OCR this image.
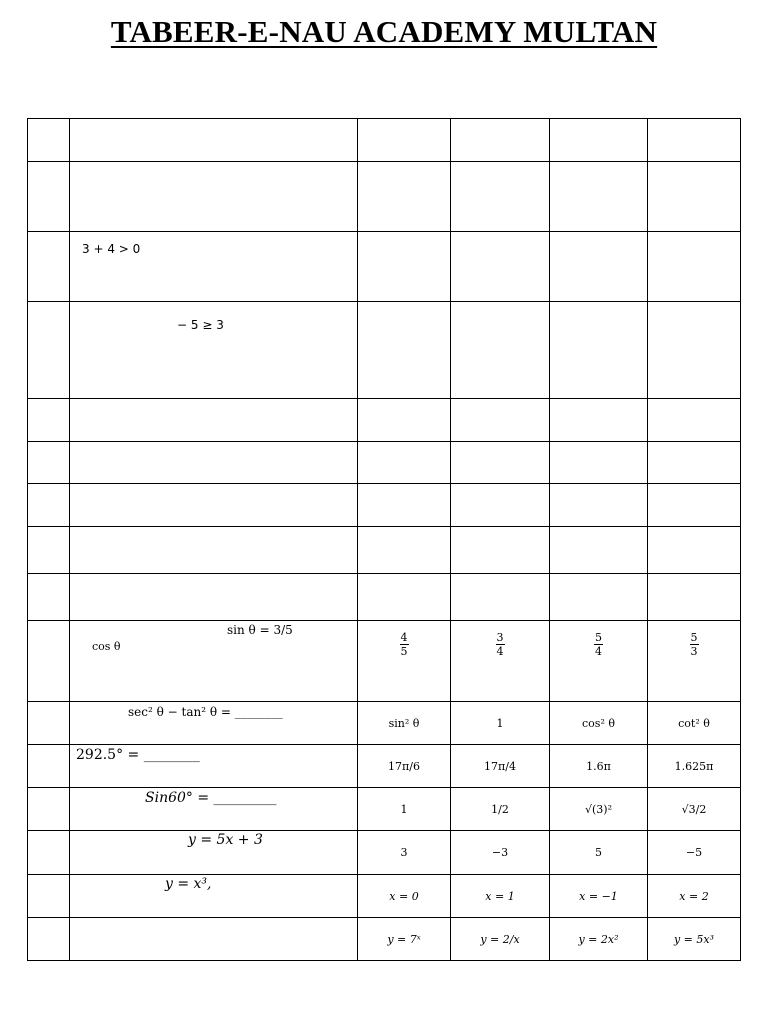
TABEER-E-NAU ACADEMY MULTAN

	3 + 4 > 0				

	− 5 ≥ 3				

	sin θ = 3/5
cos θ	$\frac{4}{5}$	$\frac{3}{4}$	$\frac{5}{4}$	$\frac{5}{3}$

	sec² θ − tan² θ = ________	sin² θ	1	cos² θ	cot² θ

	292.5° = ________	17π/6	17π/4	1.6π	1.625π

	Sin60° = _________	1	1/2	√(3)²	√3/2

	y = 5x + 3	3	−3	5	−5

	y = x³,	x = 0	x = 1	x = −1	x = 2
		y = 7ˣ	y = 2/x	y = 2x²	y = 5x³
